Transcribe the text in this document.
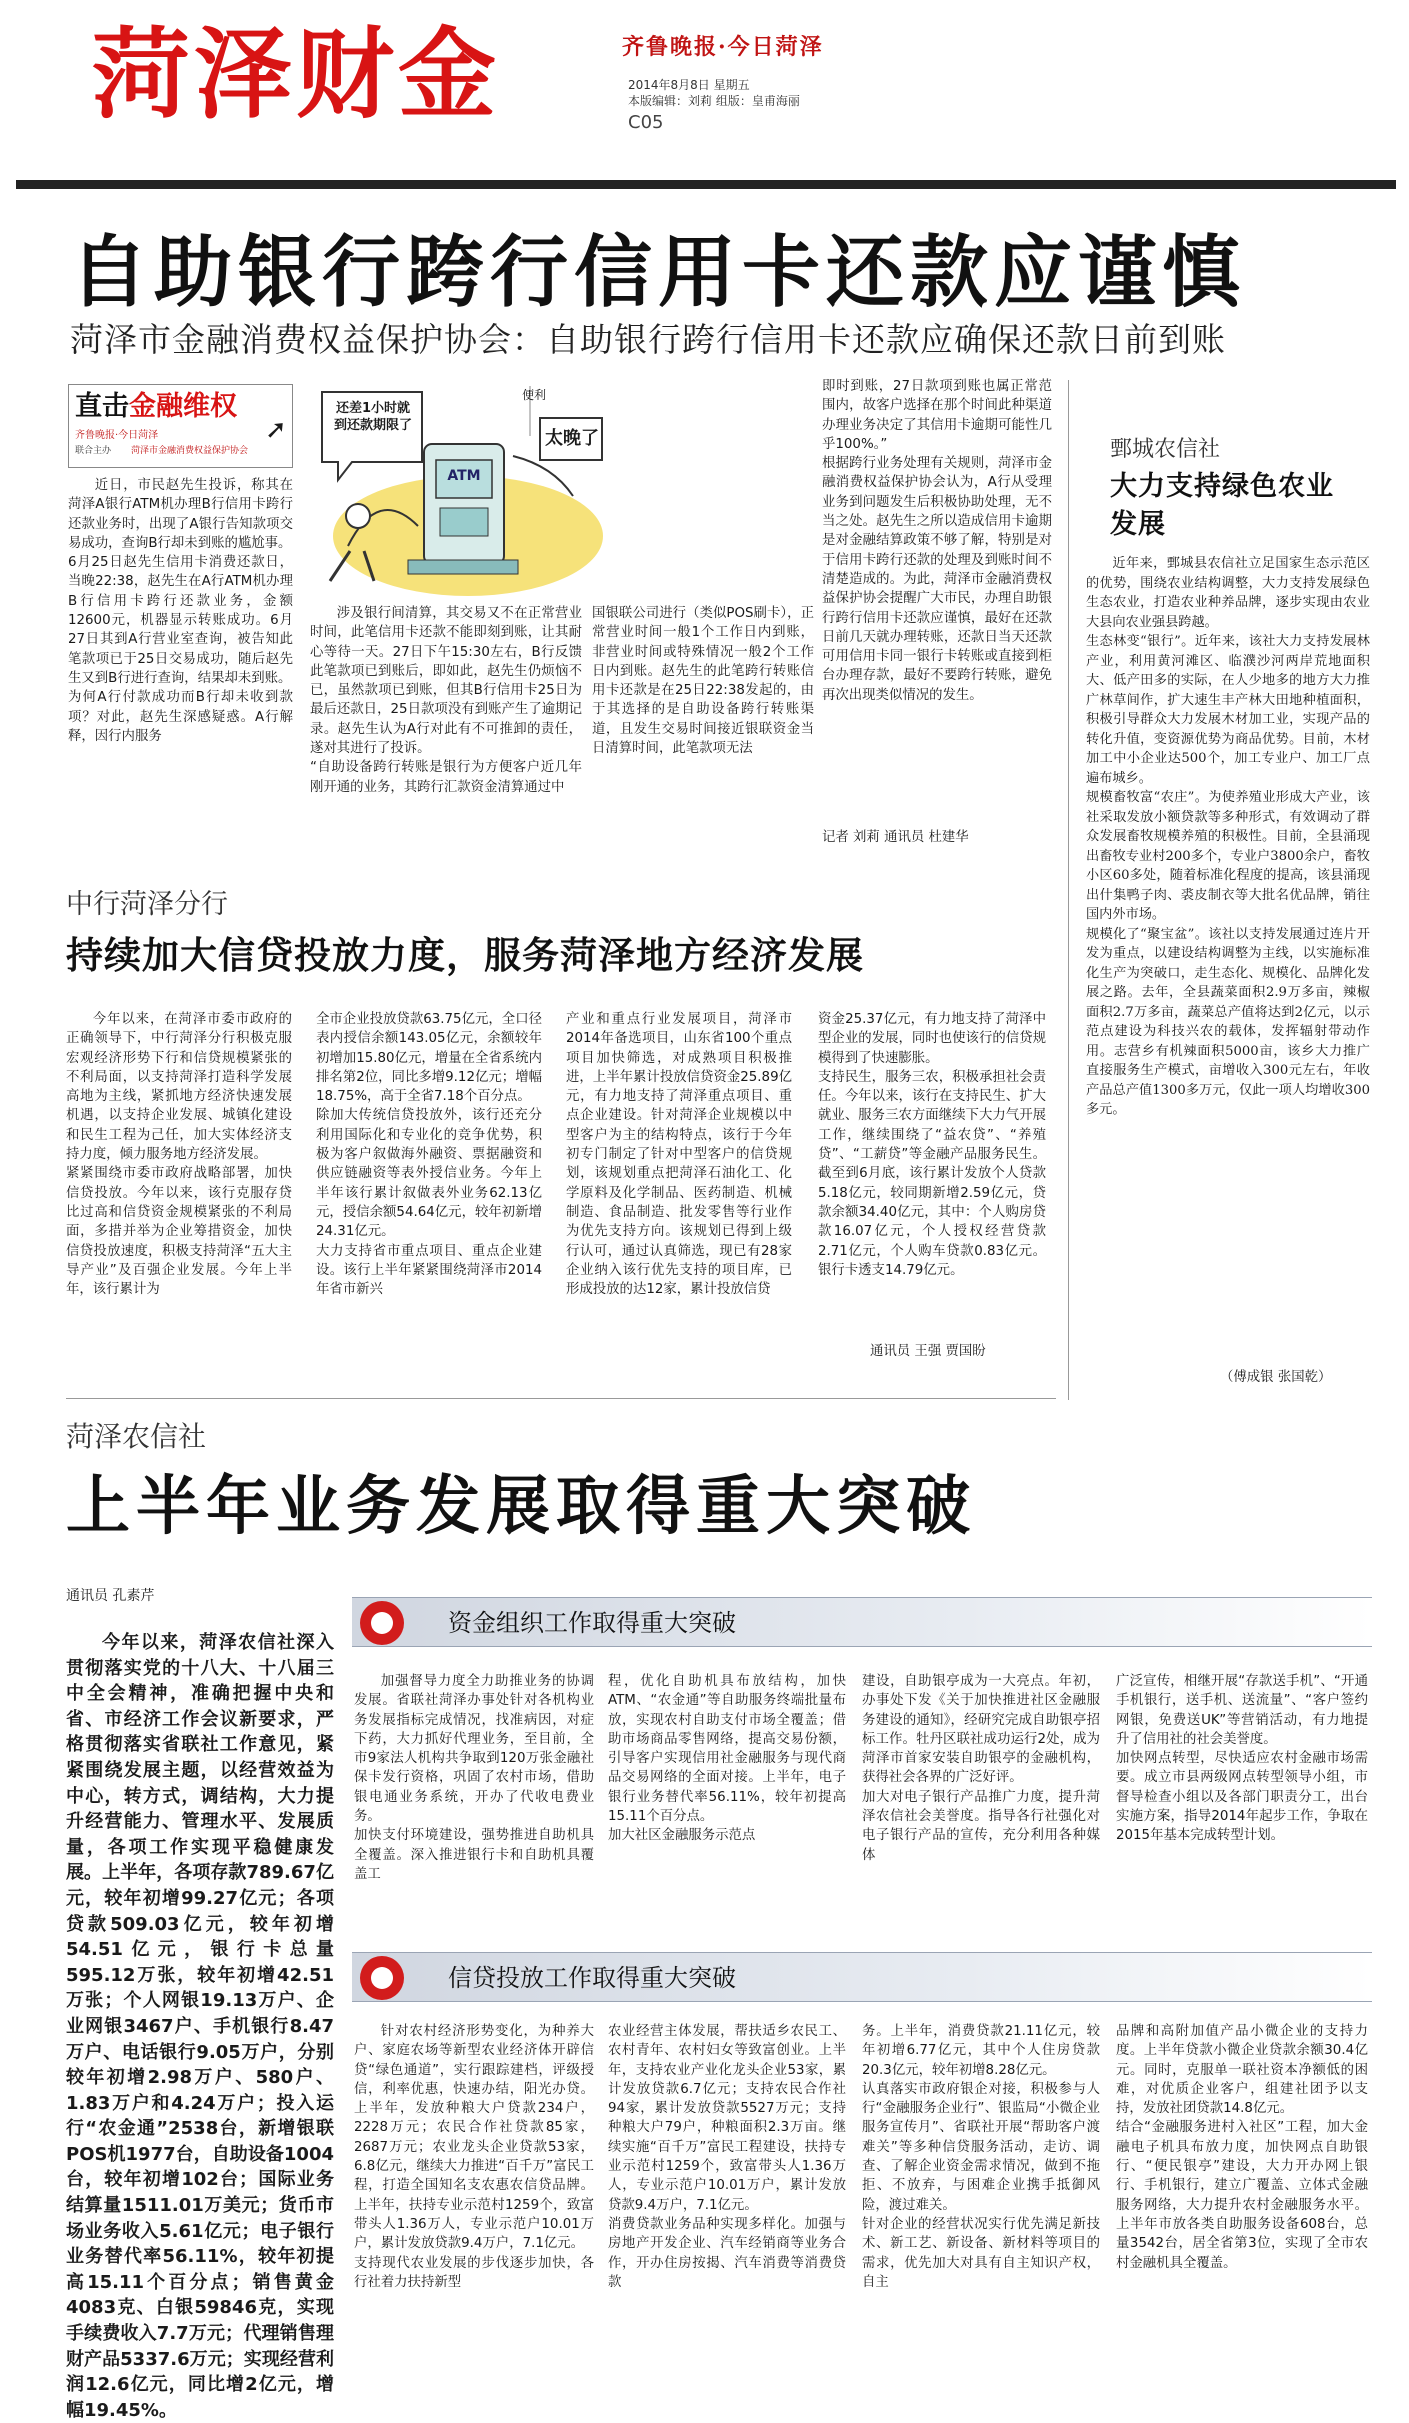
菏泽财金	齐鲁晚报·今日菏泽
2014年8月8日 星期五
本版编辑：刘莉 组版：皇甫海丽
C05
自助银行跨行信用卡还款应谨慎
菏泽市金融消费权益保护协会：自助银行跨行信用卡还款应确保还款日前到账
直击金融维权
齐鲁晚报·今日菏泽
联合主办 菏泽市金融消费权益保护协会
➚
近日，市民赵先生投诉，称其在菏泽A银行ATM机办理B行信用卡跨行还款业务时，出现了A银行告知款项交易成功，查询B行却未到账的尴尬事。
6月25日赵先生信用卡消费还款日，当晚22:38，赵先生在A行ATM机办理B行信用卡跨行还款业务，金额12600元，机器显示转账成功。6月27日其到A行营业室查询，被告知此笔款项已于25日交易成功，随后赵先生又到B行进行查询，结果却未到账。
为何A行付款成功而B行却未收到款项？对此，赵先生深感疑惑。A行解释，因行内服务
还差1小时就到还款期限了
太晚了
ATM
便利
涉及银行间清算，其交易又不在正常营业时间，此笔信用卡还款不能即刻到账，让其耐心等待一天。27日下午15:30左右，B行反馈此笔款项已到账后，即如此，赵先生仍烦恼不已，虽然款项已到账，但其B行信用卡25日为最后还款日，25日款项没有到账产生了逾期记录。赵先生认为A行对此有不可推卸的责任，遂对其进行了投诉。
“自助设备跨行转账是银行为方便客户近几年刚开通的业务，其跨行汇款资金清算通过中
国银联公司进行（类似POS刷卡），正常营业时间一般1个工作日内到账，非营业时间或特殊情况一般2个工作日内到账。赵先生的此笔跨行转账信用卡还款是在25日22:38发起的，由于其选择的是自助设备跨行转账渠道，且发生交易时间接近银联资金当日清算时间，此笔款项无法
即时到账，27日款项到账也属正常范围内，故客户选择在那个时间此种渠道办理业务决定了其信用卡逾期可能性几乎100%。”
根据跨行业务处理有关规则，菏泽市金融消费权益保护协会认为，A行从受理业务到问题发生后积极协助处理，无不当之处。赵先生之所以造成信用卡逾期是对金融结算政策不够了解，特别是对于信用卡跨行还款的处理及到账时间不清楚造成的。为此，菏泽市金融消费权益保护协会提醒广大市民，办理自助银行跨行信用卡还款应谨慎，最好在还款日前几天就办理转账，还款日当天还款可用信用卡同一银行卡转账或直接到柜台办理存款，最好不要跨行转账，避免再次出现类似情况的发生。
记者 刘莉 通讯员 杜建华
鄄城农信社
大力支持绿色农业发展
近年来，鄄城县农信社立足国家生态示范区的优势，围绕农业结构调整，大力支持发展绿色生态农业，打造农业种养品牌，逐步实现由农业大县向农业强县跨越。
生态林变“银行”。近年来，该社大力支持发展林产业，利用黄河滩区、临濮沙河两岸荒地面积大、低产田多的实际，在人少地多的地方大力推广林草间作，扩大速生丰产林大田地种植面积，积极引导群众大力发展木材加工业，实现产品的转化升值，变资源优势为商品优势。目前，木材加工中小企业达500个，加工专业户、加工厂点遍布城乡。
规模畜牧富“农庄”。为使养殖业形成大产业，该社采取发放小额贷款等多种形式，有效调动了群众发展畜牧规模养殖的积极性。目前，全县涌现出畜牧专业村200多个，专业户3800余户，畜牧小区60多处，随着标准化程度的提高，该县涌现出什集鸭子肉、裘皮制衣等大批名优品牌，销往国内外市场。
规模化了“聚宝盆”。该社以支持发展通过连片开发为重点，以建设结构调整为主线，以实施标准化生产为突破口，走生态化、规模化、品牌化发展之路。去年，全县蔬菜面积2.9万多亩，辣椒面积2.7万多亩，蔬菜总产值将达到2亿元，以示范点建设为科技兴农的载体，发挥辐射带动作用。志营乡有机辣面积5000亩，该乡大力推广直接服务生产模式，亩增收入300元左右，年收产品总产值1300多万元，仅此一项人均增收300多元。
（傅成银 张国乾）
中行菏泽分行
持续加大信贷投放力度，服务菏泽地方经济发展
今年以来，在菏泽市委市政府的正确领导下，中行菏泽分行积极克服宏观经济形势下行和信贷规模紧张的不利局面，以支持菏泽打造科学发展高地为主线，紧抓地方经济快速发展机遇，以支持企业发展、城镇化建设和民生工程为己任，加大实体经济支持力度，倾力服务地方经济发展。
紧紧围绕市委市政府战略部署，加快信贷投放。今年以来，该行克服存贷比过高和信贷资金规模紧张的不利局面，多措并举为企业筹措资金，加快信贷投放速度，积极支持菏泽“五大主导产业”及百强企业发展。今年上半年，该行累计为
全市企业投放贷款63.75亿元，全口径表内授信余额143.05亿元，余额较年初增加15.80亿元，增量在全省系统内排名第2位，同比多增9.12亿元；增幅18.75%，高于全省7.18个百分点。
除加大传统信贷投放外，该行还充分利用国际化和专业化的竞争优势，积极为客户叙做海外融资、票据融资和供应链融资等表外授信业务。今年上半年该行累计叙做表外业务62.13亿元，授信余额54.64亿元，较年初新增24.31亿元。
大力支持省市重点项目、重点企业建设。该行上半年紧紧围绕菏泽市2014年省市新兴
产业和重点行业发展项目，菏泽市2014年备选项目，山东省100个重点项目加快筛选，对成熟项目积极推进，上半年累计投放信贷资金25.89亿元，有力地支持了菏泽重点项目、重点企业建设。针对菏泽企业规模以中型客户为主的结构特点，该行于今年初专门制定了针对中型客户的信贷规划，该规划重点把菏泽石油化工、化学原料及化学制品、医药制造、机械制造、食品制造、批发零售等行业作为优先支持方向。该规划已得到上级行认可，通过认真筛选，现已有28家企业纳入该行优先支持的项目库，已形成投放的达12家，累计投放信贷
资金25.37亿元，有力地支持了菏泽中型企业的发展，同时也使该行的信贷规模得到了快速膨胀。
支持民生，服务三农，积极承担社会责任。今年以来，该行在支持民生、扩大就业、服务三农方面继续下大力气开展工作，继续围绕了“益农贷”、“养殖贷”、“工薪贷”等金融产品服务民生。截至到6月底，该行累计发放个人贷款5.18亿元，较同期新增2.59亿元，贷款余额34.40亿元，其中：个人购房贷款16.07亿元，个人授权经营贷款2.71亿元，个人购车贷款0.83亿元。银行卡透支14.79亿元。
通讯员 王强 贾国盼
菏泽农信社
上半年业务发展取得重大突破
通讯员 孔素芹
今年以来，菏泽农信社深入贯彻落实党的十八大、十八届三中全会精神，准确把握中央和省、市经济工作会议新要求，严格贯彻落实省联社工作意见，紧紧围绕发展主题，以经营效益为中心，转方式，调结构，大力提升经营能力、管理水平、发展质量，各项工作实现平稳健康发展。上半年，各项存款789.67亿元，较年初增99.27亿元；各项贷款509.03亿元，较年初增54.51亿元，银行卡总量595.12万张，较年初增42.51万张；个人网银19.13万户、企业网银3467户、手机银行8.47万户、电话银行9.05万户，分别较年初增2.98万户、580户、1.83万户和4.24万户；投入运行“农金通”2538台，新增银联POS机1977台，自助设备1004台，较年初增102台；国际业务结算量1511.01万美元；货币市场业务收入5.61亿元；电子银行业务替代率56.11%，较年初提高15.11个百分点；销售黄金4083克、白银59846克，实现手续费收入7.7万元；代理销售理财产品5337.6万元；实现经营利润12.6亿元，同比增2亿元，增幅19.45%。
资金组织工作取得重大突破
加强督导力度全力助推业务的协调发展。省联社菏泽办事处针对各机构业务发展指标完成情况，找准病因，对症下药，大力抓好代理业务，至目前，全市9家法人机构共争取到120万张金融社保卡发行资格，巩固了农村市场，借助银电通业务系统，开办了代收电费业务。
加快支付环境建设，强势推进自助机具全覆盖。深入推进银行卡和自助机具覆盖工
程，优化自助机具布放结构，加快ATM、“农金通”等自助服务终端批量布放，实现农村自助支付市场全覆盖；借助市场商品零售网络，提高交易份额，引导客户实现信用社金融服务与现代商品交易网络的全面对接。上半年，电子银行业务替代率56.11%，较年初提高15.11个百分点。
加大社区金融服务示范点
建设，自助银亭成为一大亮点。年初，办事处下发《关于加快推进社区金融服务建设的通知》，经研究完成自助银亭招标工作。牡丹区联社成功运行2处，成为菏泽市首家安装自助银亭的金融机构，获得社会各界的广泛好评。
加大对电子银行产品推广力度，提升菏泽农信社会美誉度。指导各行社强化对电子银行产品的宣传，充分利用各种媒体
广泛宣传，相继开展“存款送手机”、“开通手机银行，送手机、送流量”、“客户签约网银，免费送UK”等营销活动，有力地提升了信用社的社会美誉度。
加快网点转型，尽快适应农村金融市场需要。成立市县两级网点转型领导小组，市督导检查小组以及各部门职责分工，出台实施方案，指导2014年起步工作，争取在2015年基本完成转型计划。
信贷投放工作取得重大突破
针对农村经济形势变化，为种养大户、家庭农场等新型农业经济体开辟信贷“绿色通道”，实行跟踪建档，评级授信，利率优惠，快速办结，阳光办贷。上半年，发放种粮大户贷款234户，2228万元；农民合作社贷款85家，2687万元；农业龙头企业贷款53家，6.8亿元，继续大力推进“百千万”富民工程，打造全国知名支农惠农信贷品牌。上半年，扶持专业示范村1259个，致富带头人1.36万人，专业示范户10.01万户，累计发放贷款9.4万户，7.1亿元。
支持现代农业发展的步伐逐步加快，各行社着力扶持新型
农业经营主体发展，帮扶适乡农民工、农村青年、农村妇女等致富创业。上半年，支持农业产业化龙头企业53家，累计发放贷款6.7亿元；支持农民合作社94家，累计发放贷款5527万元；支持种粮大户79户，种粮面积2.3万亩。继续实施“百千万”富民工程建设，扶持专业示范村1259个，致富带头人1.36万人，专业示范户10.01万户，累计发放贷款9.4万户，7.1亿元。
消费贷款业务品种实现多样化。加强与房地产开发企业、汽车经销商等业务合作，开办住房按揭、汽车消费等消费贷款
务。上半年，消费贷款21.11亿元，较年初增6.77亿元，其中个人住房贷款20.3亿元，较年初增8.28亿元。
认真落实市政府银企对接，积极参与人行“金融服务企业行”、银监局“小微企业服务宣传月”、省联社开展“帮助客户渡难关”等多种信贷服务活动，走访、调查、了解企业资金需求情况，做到不拖拒、不放弃，与困难企业携手抵御风险，渡过难关。
针对企业的经营状况实行优先满足新技术、新工艺、新设备、新材料等项目的需求，优先加大对具有自主知识产权，自主
品牌和高附加值产品小微企业的支持力度。上半年贷款小微企业贷款余额30.4亿元。同时，克服单一联社资本净额低的困难，对优质企业客户，组建社团予以支持，发放社团贷款14.8亿元。
结合“金融服务进村入社区”工程，加大金融电子机具布放力度，加快网点自助银行、“便民银亭”建设，大力开办网上银行、手机银行，建立广覆盖、立体式金融服务网络，大力提升农村金融服务水平。上半年市放各类自助服务设备608台，总量3542台，居全省第3位，实现了全市农村金融机具全覆盖。
